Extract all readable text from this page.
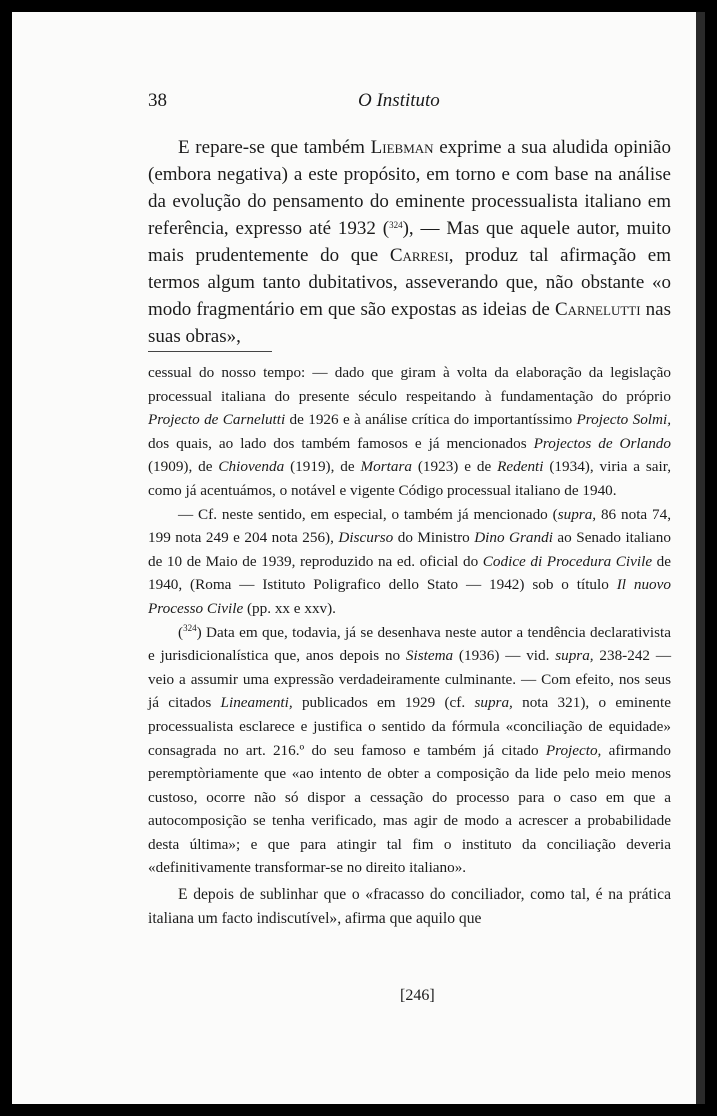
38	O Instituto

E repare-se que também Liebman exprime a sua aludida opinião (embora negativa) a este propósito, em torno e com base na análise da evolução do pensamento do eminente processualista italiano em referência, expresso até 1932 ($^{324}$), — Mas que aquele autor, muito mais prudentemente do que Carresi, produz tal afirmação em termos algum tanto dubitativos, asseverando que, não obstante «o modo fragmentário em que são expostas as ideias de Carnelutti nas suas obras»,

cessual do nosso tempo: — dado que giram à volta da elaboração da legislação processual italiana do presente século respeitando à fundamentação do próprio Projecto de Carnelutti de 1926 e à análise crítica do importantíssimo Projecto Solmi, dos quais, ao lado dos também famosos e já mencionados Projectos de Orlando (1909), de Chiovenda (1919), de Mortara (1923) e de Redenti (1934), viria a sair, como já acentuámos, o notável e vigente Código processual italiano de 1940.

— Cf. neste sentido, em especial, o também já mencionado (supra, 86 nota 74, 199 nota 249 e 204 nota 256), Discurso do Ministro Dino Grandi ao Senado italiano de 10 de Maio de 1939, reproduzido na ed. oficial do Codice di Procedura Civile de 1940, (Roma — Istituto Poligrafico dello Stato — 1942) sob o título Il nuovo Processo Civile (pp. xx e xxv).

($^{324}$) Data em que, todavia, já se desenhava neste autor a tendência declarativista e jurisdicionalística que, anos depois no Sistema (1936) — vid. supra, 238-242 — veio a assumir uma expressão verdadeiramente culminante. — Com efeito, nos seus já citados Lineamenti, publicados em 1929 (cf. supra, nota 321), o eminente processualista esclarece e justifica o sentido da fórmula «conciliação de equidade» consagrada no art. 216.º do seu famoso e também já citado Projecto, afirmando peremptòriamente que «ao intento de obter a composição da lide pelo meio menos custoso, ocorre não só dispor a cessação do processo para o caso em que a autocomposição se tenha verificado, mas agir de modo a acrescer a probabilidade desta última»; e que para atingir tal fim o instituto da conciliação deveria «definitivamente transformar-se no direito italiano».

E depois de sublinhar que o «fracasso do conciliador, como tal, é na prática italiana um facto indiscutível», afirma que aquilo que

[246]
